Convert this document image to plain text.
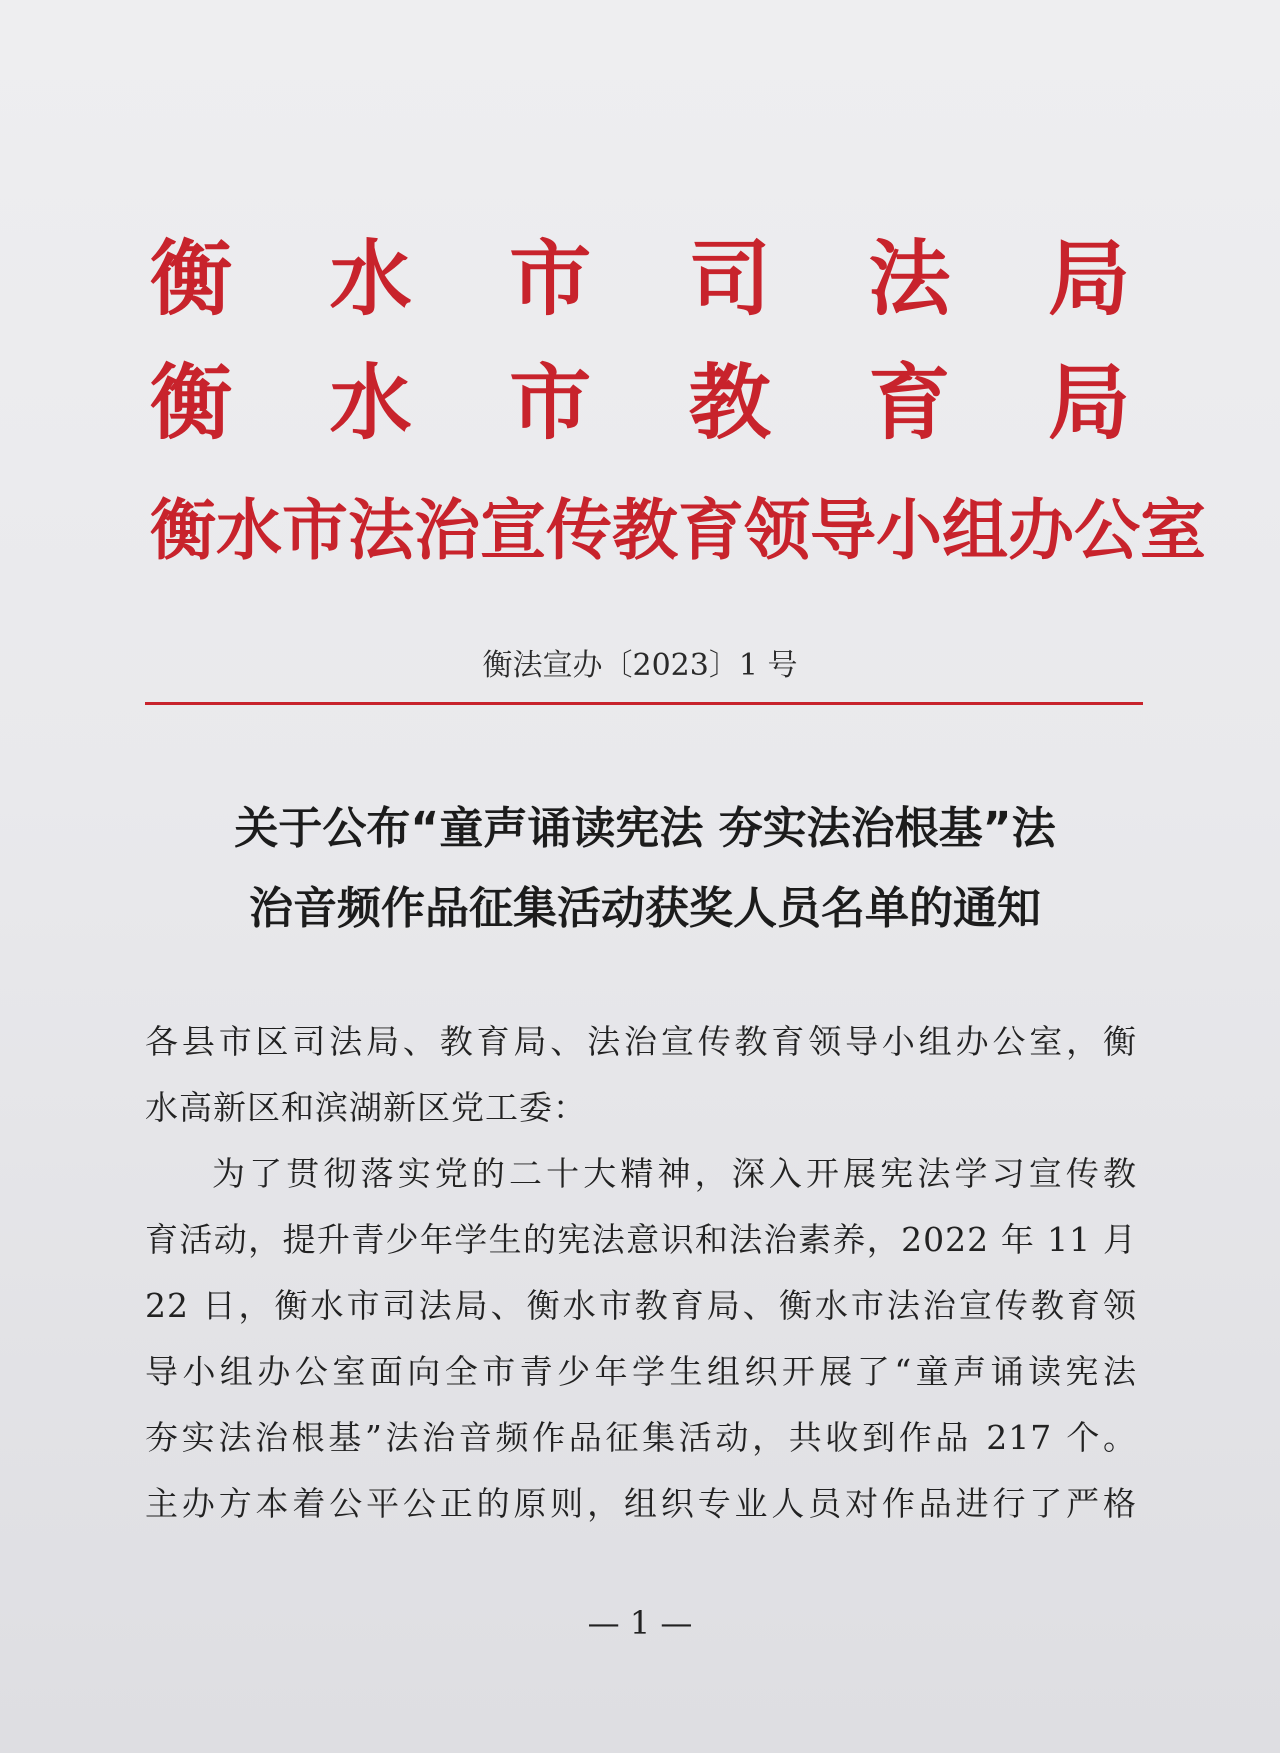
衡 水 市 司 法 局
衡 水 市 教 育 局
衡 水 市 法 治 宣 传 教 育 领 导 小 组 办 公 室
衡法宣办〔2023〕1 号
关于公布“童声诵读宪法 夯实法治根基”法
治音频作品征集活动获奖人员名单的通知
各县市区司法局、教育局、法治宣传教育领导小组办公室，衡
水高新区和滨湖新区党工委：
为了贯彻落实党的二十大精神，深入开展宪法学习宣传教
育活动，提升青少年学生的宪法意识和法治素养，2022 年 11 月
22 日，衡水市司法局、衡水市教育局、衡水市法治宣传教育领
导小组办公室面向全市青少年学生组织开展了“童声诵读宪法
夯实法治根基”法治音频作品征集活动，共收到作品 217 个。
主办方本着公平公正的原则，组织专业人员对作品进行了严格
— 1 —
